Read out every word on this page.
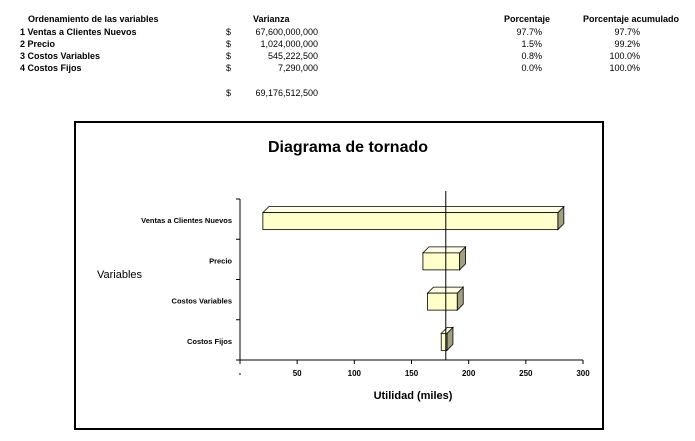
Ordenamiento de las variables	Varianza	Porcentaje	Porcentaje acumulado
1 Ventas a Clientes Nuevos	$	67,600,000,000	97.7%	97.7%
2 Precio	$	1,024,000,000	1.5%	99.2%
3 Costos Variables	$	545,222,500	0.8%	100.0%
4 Costos Fijos	$	7,290,000	0.0%	100.0%
$	69,176,512,500
Diagrama de tornado
Variables
Utilidad (miles)
-	50	100	150	200	250	300
Ventas a Clientes Nuevos
Precio
Costos Variables
Costos Fijos
